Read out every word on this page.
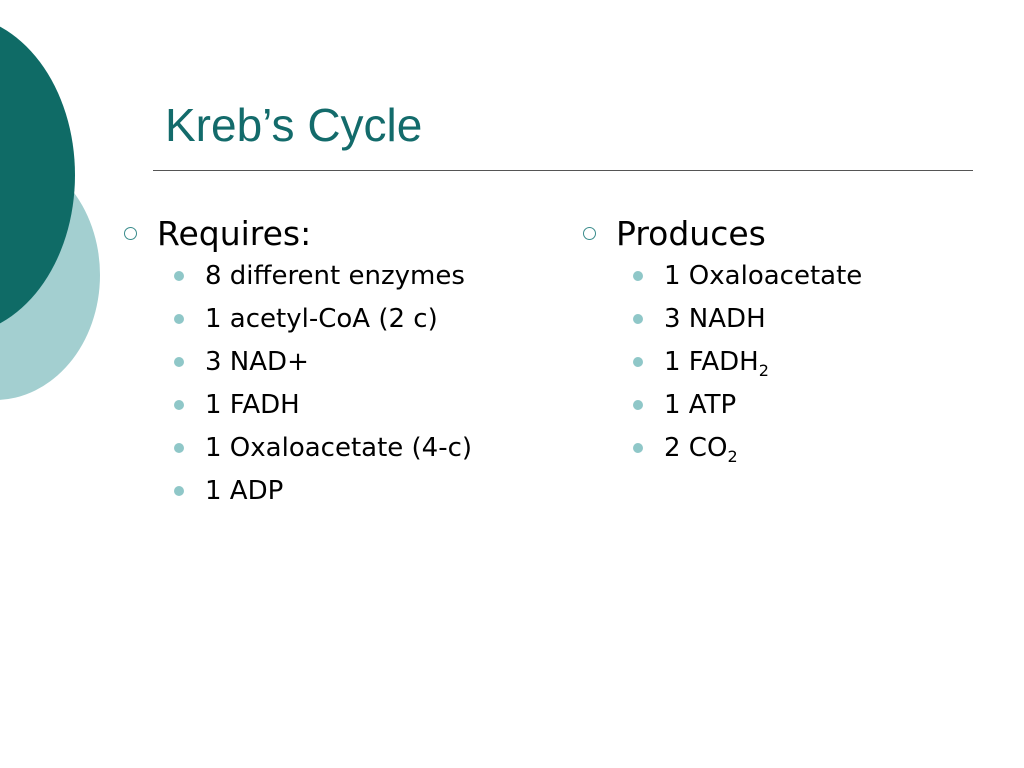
Kreb’s Cycle
Requires:
8 different enzymes
1 acetyl-CoA (2 c)
3 NAD+
1 FADH
1 Oxaloacetate (4-c)
1 ADP
Produces
1 Oxaloacetate
3 NADH
1 $FADH_2$
1 ATP
2 $CO_2$
